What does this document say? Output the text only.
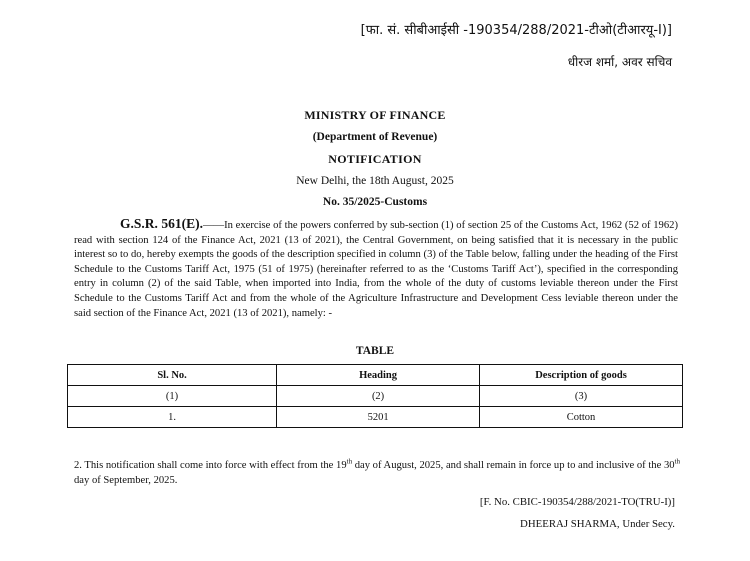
[फा. सं. सीबीआईसी -190354/288/2021-टीओ(टीआरयू-I)]
धीरज शर्मा, अवर सचिव
MINISTRY OF FINANCE
(Department of Revenue)
NOTIFICATION
New Delhi, the 18th August, 2025
No. 35/2025-Customs
G.S.R. 561(E).——In exercise of the powers conferred by sub-section (1) of section 25 of the Customs Act, 1962 (52 of 1962) read with section 124 of the Finance Act, 2021 (13 of 2021), the Central Government, on being satisfied that it is necessary in the public interest so to do, hereby exempts the goods of the description specified in column (3) of the Table below, falling under the heading of the First Schedule to the Customs Tariff Act, 1975 (51 of 1975) (hereinafter referred to as the ‘Customs Tariff Act’), specified in the corresponding entry in column (2) of the said Table, when imported into India, from the whole of the duty of customs leviable thereon under the First Schedule to the Customs Tariff Act and from the whole of the Agriculture Infrastructure and Development Cess leviable thereon under the said section of the Finance Act, 2021 (13 of 2021), namely: -
TABLE
Sl. No.	Heading	Description of goods
(1)	(2)	(3)
1.	5201	Cotton
2. This notification shall come into force with effect from the 19th day of August, 2025, and shall remain in force up to and inclusive of the 30th day of September, 2025.
[F. No. CBIC-190354/288/2021-TO(TRU-I)]
DHEERAJ SHARMA, Under Secy.
